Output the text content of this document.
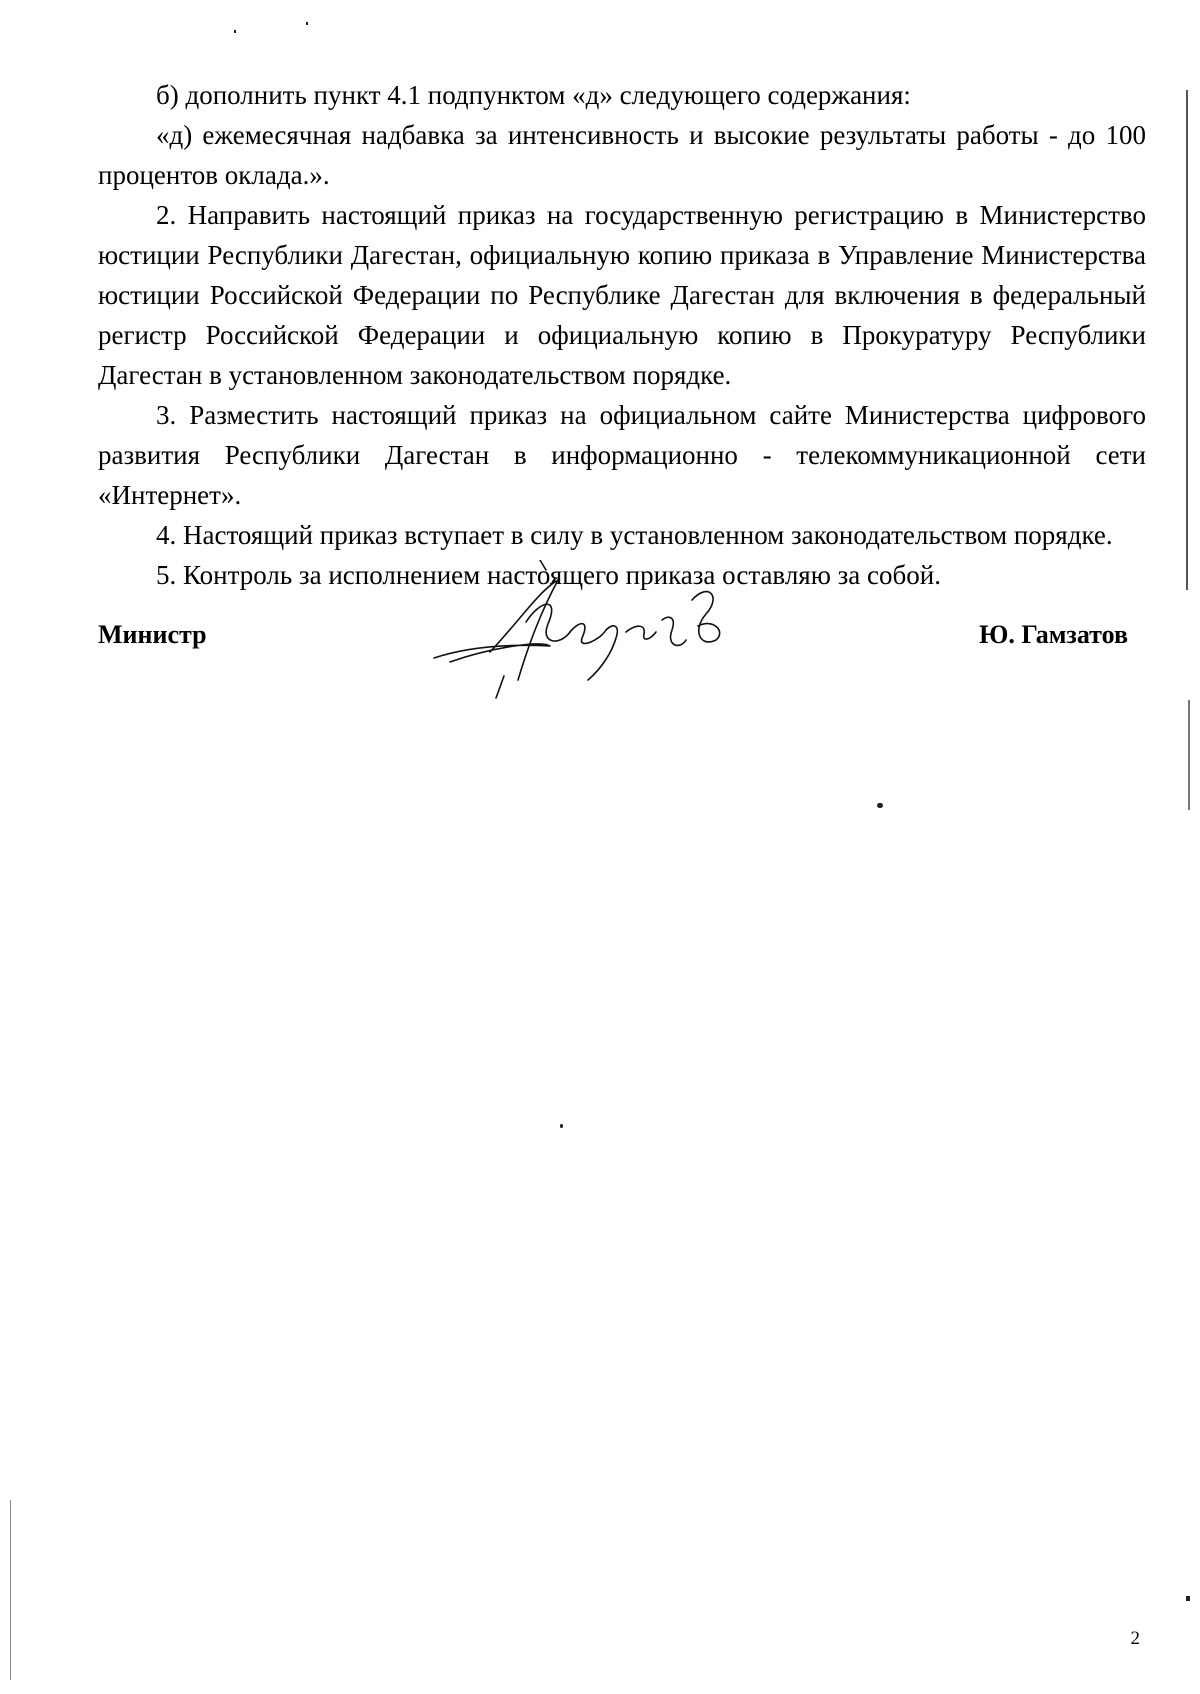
б) дополнить пункт 4.1 подпунктом «д» следующего содержания:

«д) ежемесячная надбавка за интенсивность и высокие результаты работы - до 100 процентов оклада.».

2. Направить настоящий приказ на государственную регистрацию в Министерство юстиции Республики Дагестан, официальную копию приказа в Управление Министерства юстиции Российской Федерации по Республике Дагестан для включения в федеральный регистр Российской Федерации и официальную копию в Прокуратуру Республики Дагестан в установленном законодательством порядке.

3. Разместить настоящий приказ на официальном сайте Министерства цифрового развития Республики Дагестан в информационно - телекоммуникационной сети «Интернет».

4. Настоящий приказ вступает в силу в установленном законодательством порядке.

5. Контроль за исполнением настоящего приказа оставляю за собой.

Министр	Ю. Гамзатов
2
